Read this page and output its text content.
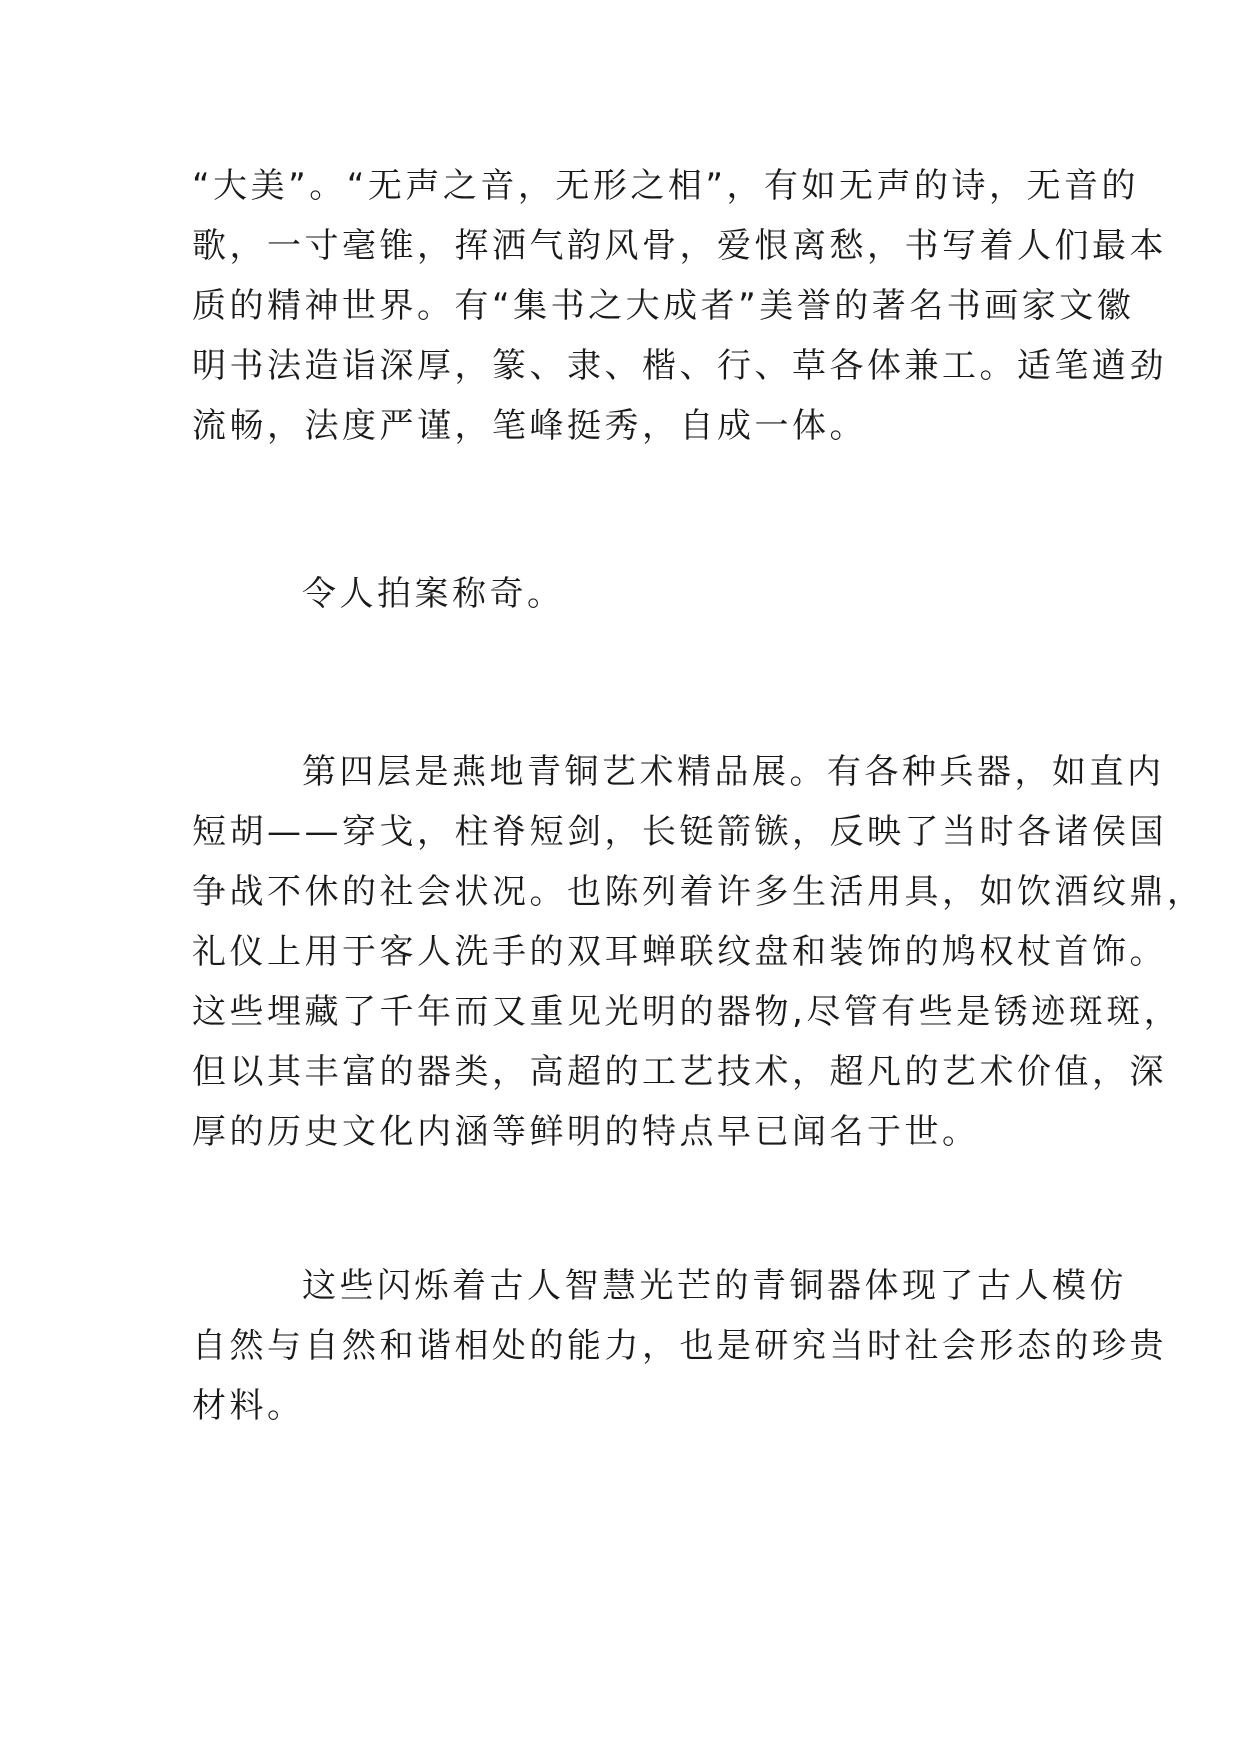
“大美”。“无声之音，无形之相”，有如无声的诗，无音的
歌，一寸毫锥，挥洒气韵风骨，爱恨离愁，书写着人们最本
质的精神世界。有“集书之大成者”美誉的著名书画家文徽
明书法造诣深厚，篆、隶、楷、行、草各体兼工。适笔遒劲
流畅，法度严谨，笔峰挺秀，自成一体。

令人拍案称奇。

第四层是燕地青铜艺术精品展。有各种兵器，如直内
短胡——穿戈，柱脊短剑，长铤箭镞，反映了当时各诸侯国
争战不休的社会状况。也陈列着许多生活用具，如饮酒纹鼎，
礼仪上用于客人洗手的双耳蝉联纹盘和装饰的鸠权杖首饰。
这些埋藏了千年而又重见光明的器物,尽管有些是锈迹斑斑，
但以其丰富的器类，高超的工艺技术，超凡的艺术价值，深
厚的历史文化内涵等鲜明的特点早已闻名于世。

这些闪烁着古人智慧光芒的青铜器体现了古人模仿
自然与自然和谐相处的能力，也是研究当时社会形态的珍贵
材料。
